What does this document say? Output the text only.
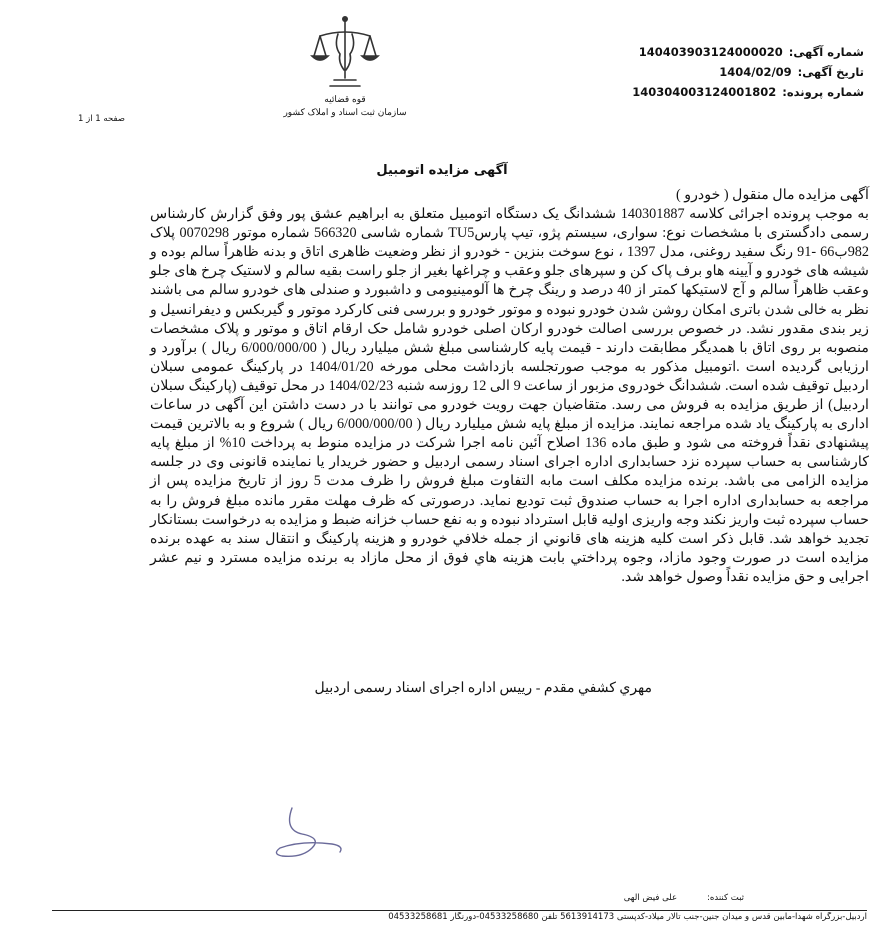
قوه قضائیه
سازمان ثبت اسناد و املاک کشور
شماره آگهی:
140403903124000020
تاریخ آگهی:
1404/02/09
شماره پرونده:
140304003124001802
صفحه 1 از 1
آگهی مزایده اتومبیل

آگهی مزایده مال منقول ( خودرو )

به موجب پرونده اجرائی کلاسه 140301887 ششدانگ یک دستگاه اتومبیل متعلق به ابراهیم عشق پور وفق گزارش کارشناس رسمی دادگستری با مشخصات نوع: سواری، سیستم پژو، تیپ پارسTU5 شماره شاسی 566320 شماره موتور 0070298 پلاک 982ب66 -91 رنگ سفید روغنی، مدل 1397 ، نوع سوخت بنزین - خودرو از نظر وضعیت ظاهری اتاق و بدنه ظاهراً سالم بوده و شیشه های خودرو و آیینه هاو برف پاک کن و سپرهای جلو وعقب و چراغها بغیر از جلو راست بقیه سالم و لاستیک چرخ های جلو وعقب ظاهراً سالم و آج لاستیکها کمتر از 40 درصد و رینگ چرخ ها آلومینیومی و داشبورد و صندلی های خودرو سالم می باشند نظر به خالی شدن باتری امکان روشن شدن خودرو نبوده و موتور خودرو و بررسی فنی کارکرد موتور و گیربکس و دیفرانسیل و زیر بندی مقدور نشد. در خصوص بررسی اصالت خودرو ارکان اصلی خودرو شامل حک ارقام اتاق و موتور و پلاک مشخصات منصوبه بر روی اتاق با همدیگر مطابقت دارند - قیمت پایه کارشناسی مبلغ شش میلیارد ریال ( 6/000/000/00 ریال ) برآورد و ارزیابی گردیده است .اتومبیل مذکور به موجب صورتجلسه بازداشت محلی مورخه 1404/01/20 در پارکینگ عمومی سبلان اردبیل توقیف شده است. ششدانگ خودروی مزبور از ساعت 9 الی 12 روزسه شنبه 1404/02/23 در محل توقیف (پارکینگ سبلان اردبیل) از طریق مزایده به فروش می رسد. متقاضیان جهت رویت خودرو می توانند با در دست داشتن این آگهی در ساعات اداری به پارکینگ یاد شده مراجعه نمایند. مزایده از مبلغ پایه شش میلیارد ریال ( 6/000/000/00 ریال ) شروع و به بالاترین قیمت پیشنهادی نقداً فروخته می شود و طبق ماده 136 اصلاح آئین نامه اجرا شرکت در مزایده منوط به پرداخت 10% از مبلغ پایه کارشناسی به حساب سپرده نزد حسابداری اداره اجرای اسناد رسمی اردبیل و حضور خریدار یا نماینده قانونی وی در جلسه مزایده الزامی می باشد. برنده مزایده مکلف است مابه التفاوت مبلغ فروش را ظرف مدت 5 روز از تاریخ مزایده پس از مراجعه به حسابداری اداره اجرا به حساب صندوق ثبت توديع نمايد. درصورتی که ظرف مهلت مقرر مانده مبلغ فروش را به حساب سپرده ثبت واریز نکند وجه واریزی اولیه قابل استرداد نبوده و به نفع حساب خزانه ضبط و مزایده به درخواست بستانکار تجدید خواهد شد. قابل ذکر است کلیه هزینه های قانوني از جمله خلافي خودرو و هزینه پارکینگ و انتقال سند به عهده برنده مزایده است در صورت وجود مازاد، وجوه پرداختي بابت هزینه هاي فوق از محل مازاد به برنده مزایده مسترد و نیم عشر اجرایی و حق مزایده نقداً وصول خواهد شد.

مهري كشفي مقدم - رییس اداره اجرای اسناد رسمی اردبیل
ثبت کننده:
علی فیض الهی
اردبیل-بزرگراه شهدا-مابین قدس و میدان جنین-جنب تالار میلاد-کدپستی 5613914173 تلفن 04533258680-دورنگار 04533258681
